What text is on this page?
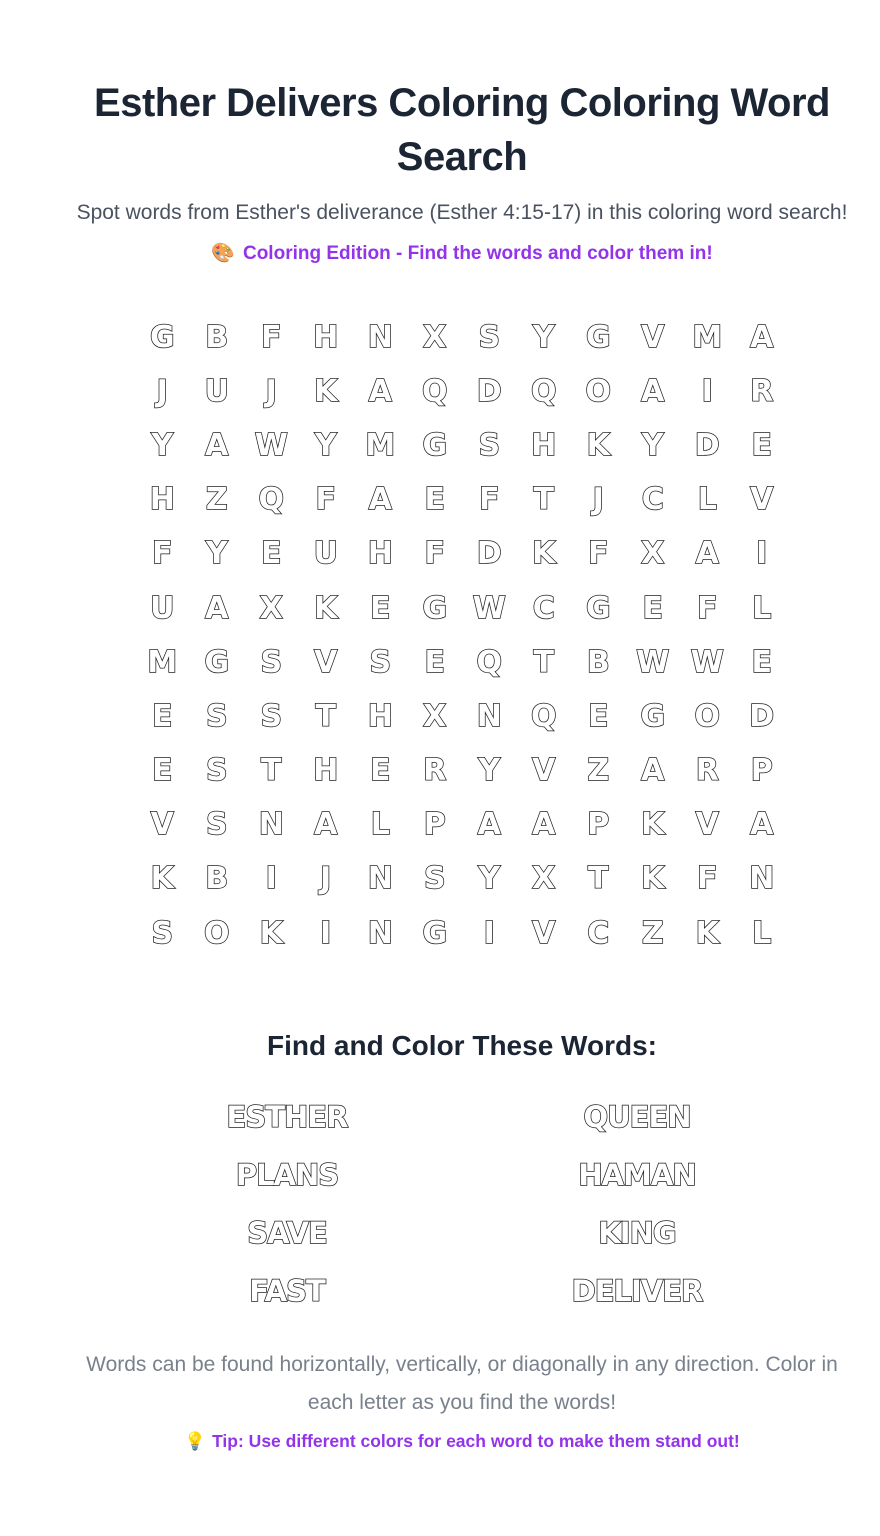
Esther Delivers Coloring Coloring Word Search

Spot words from Esther's deliverance (Esther 4:15-17) in this coloring word search!

🎨 Coloring Edition - Find the words and color them in!

G	B	F	H N	X	S	Y	G	V M A
J	U	J	K	A	Q D Q O	A	I	R
Y	A W Y M G	S	H	K	Y	D	E
H	Z	Q	F	A	E	F	T	J	C	L	V
F	Y	E	U H	F	D	K	F	X	A	I
U	A	X	K	E	G W C	G	E	F	L
M G	S	V	S	E	Q	T	B W W E
E	S	S	T	H	X	N Q	E	G O D
E	S	T	H	E	R	Y	V	Z	A	R	P
V	S	N	A	L	P	A	A	P	K	V	A
K	B	I	J	N	S	Y	X	T	K	F	N
S	O	K	I	N G	I	V	C	Z	K	L
Find and Color These Words:
ESTHER	QUEEN
PLANS	HAMAN
SAVE	KING
FAST	DELIVER

Words can be found horizontally, vertically, or diagonally in any direction. Color in each letter as you find the words!

💡 Tip: Use different colors for each word to make them stand out!
